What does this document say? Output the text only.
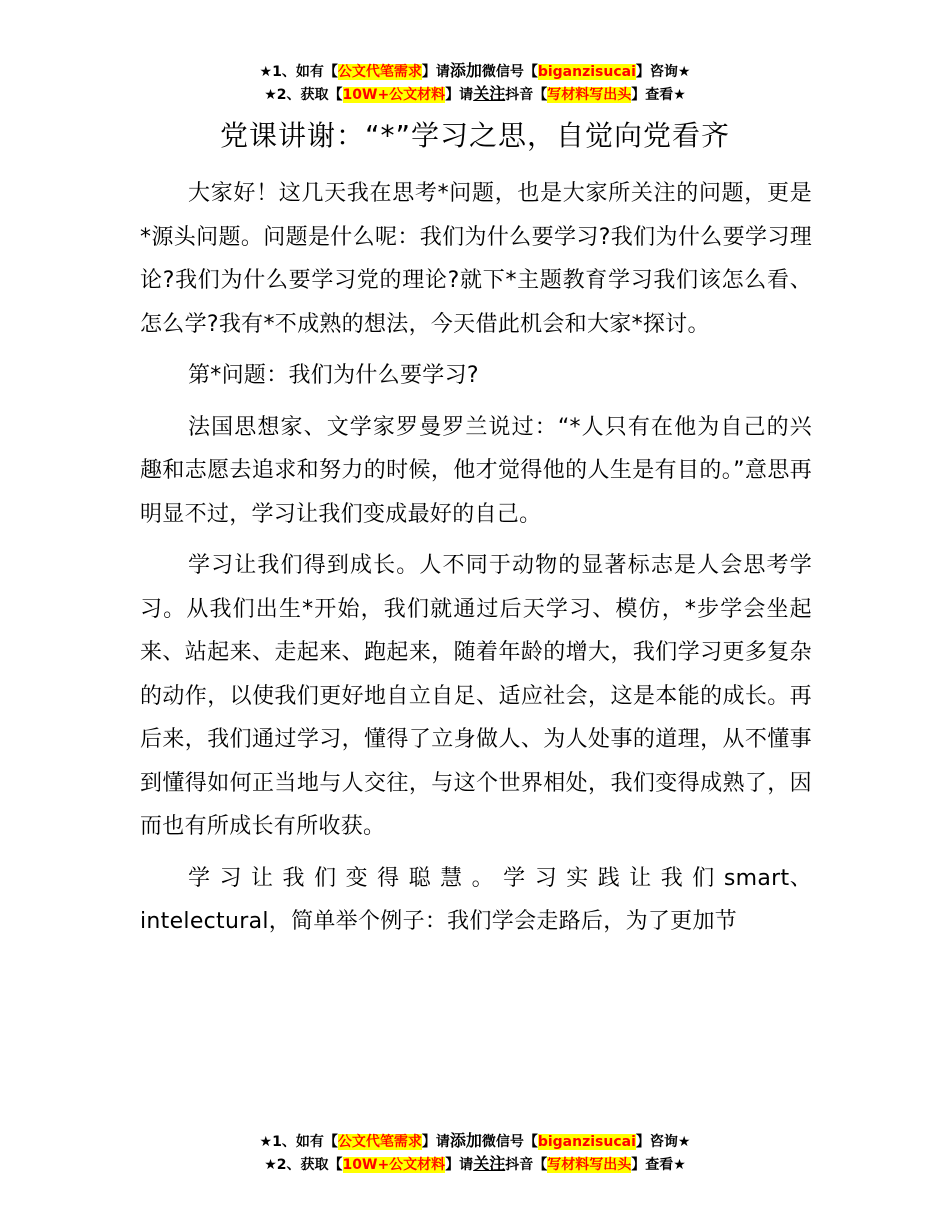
★1、如有【公文代笔需求】请添加微信号【biganzisucai】咨询★
★2、获取【10W+公文材料】请关注抖音【写材料写出头】查看★
党课讲谢：“*”学习之思，自觉向党看齐

大家好！这几天我在思考*问题，也是大家所关注的问题，更是*源头问题。问题是什么呢：我们为什么要学习?我们为什么要学习理论?我们为什么要学习党的理论?就下*主题教育学习我们该怎么看、怎么学?我有*不成熟的想法，今天借此机会和大家*探讨。

第*问题：我们为什么要学习?

法国思想家、文学家罗曼罗兰说过：“*人只有在他为自己的兴趣和志愿去追求和努力的时候，他才觉得他的人生是有目的。”意思再明显不过，学习让我们变成最好的自己。

学习让我们得到成长。人不同于动物的显著标志是人会思考学习。从我们出生*开始，我们就通过后天学习、模仿，*步学会坐起来、站起来、走起来、跑起来，随着年龄的增大，我们学习更多复杂的动作，以使我们更好地自立自足、适应社会，这是本能的成长。再后来，我们通过学习，懂得了立身做人、为人处事的道理，从不懂事到懂得如何正当地与人交往，与这个世界相处，我们变得成熟了，因而也有所成长有所收获。

学习让我们变得聪慧。学习实践让我们smart、intelectural，简单举个例子：我们学会走路后，为了更加节

★1、如有【公文代笔需求】请添加微信号【biganzisucai】咨询★
★2、获取【10W+公文材料】请关注抖音【写材料写出头】查看★
